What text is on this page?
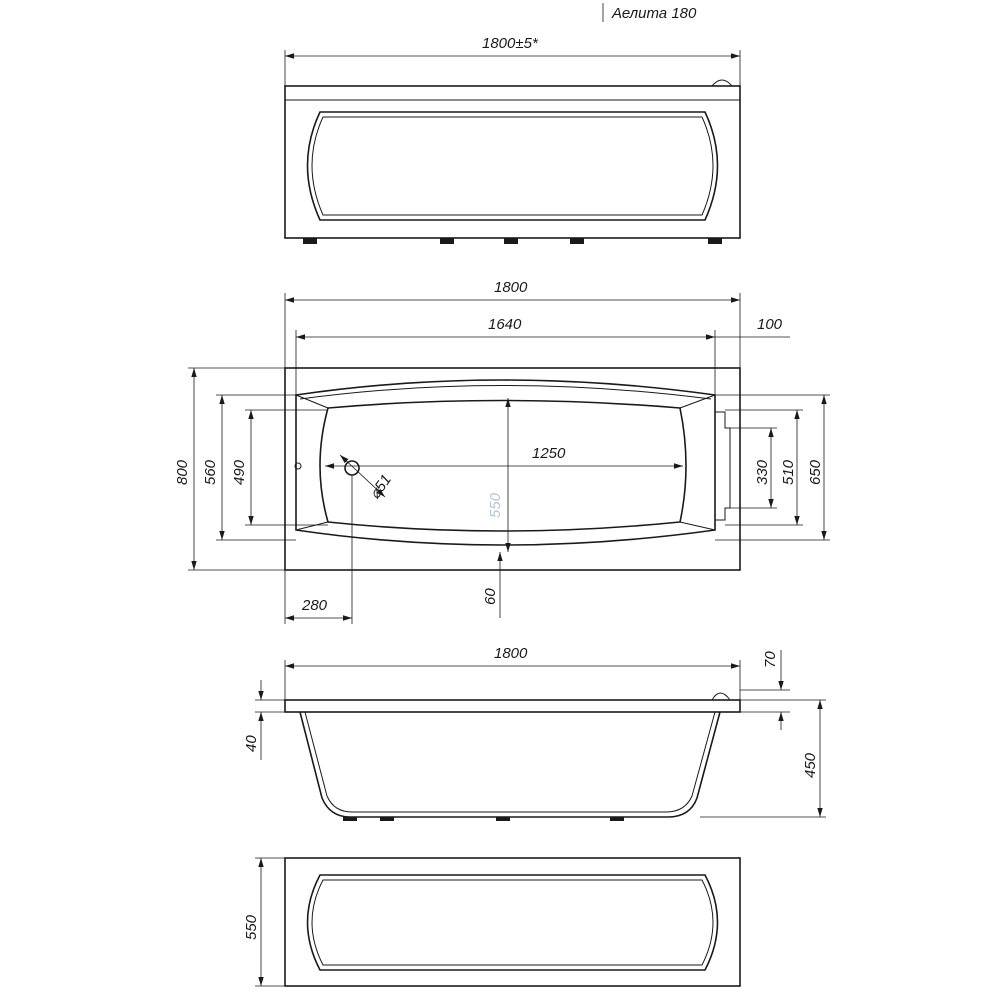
Аелита 180
1800±5*
1800
1640	100
⌀51
1250
550
800 560 490	330 510 650
280
60
1800	70
450
40
550
